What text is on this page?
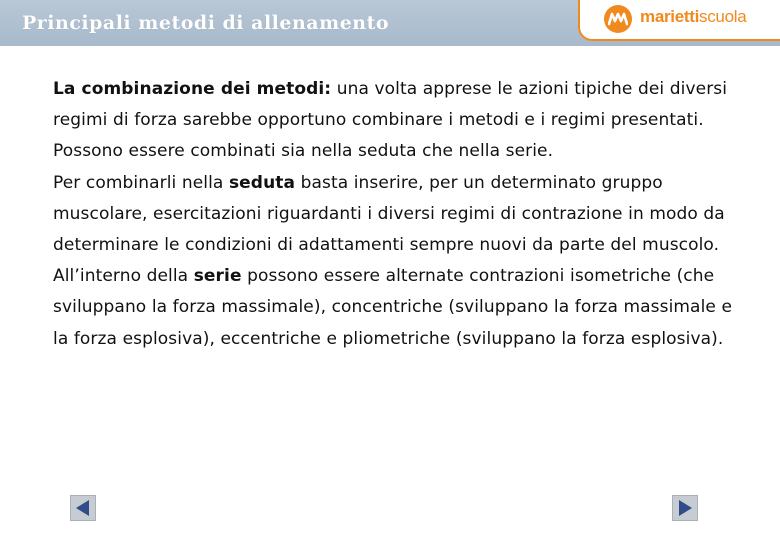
Principali metodi di allenamento	mariettiscuola

La combinazione dei metodi: una volta apprese le azioni tipiche dei diversi regimi di forza sarebbe opportuno combinare i metodi e i regimi presentati. Possono essere combinati sia nella seduta che nella serie.

Per combinarli nella seduta basta inserire, per un determinato gruppo muscolare, esercitazioni riguardanti i diversi regimi di contrazione in modo da determinare le condizioni di adattamenti sempre nuovi da parte del muscolo. All’interno della serie possono essere alternate contrazioni isometriche (che sviluppano la forza massimale), concentriche (sviluppano la forza massimale e la forza esplosiva), eccentriche e pliometriche (sviluppano la forza esplosiva).
